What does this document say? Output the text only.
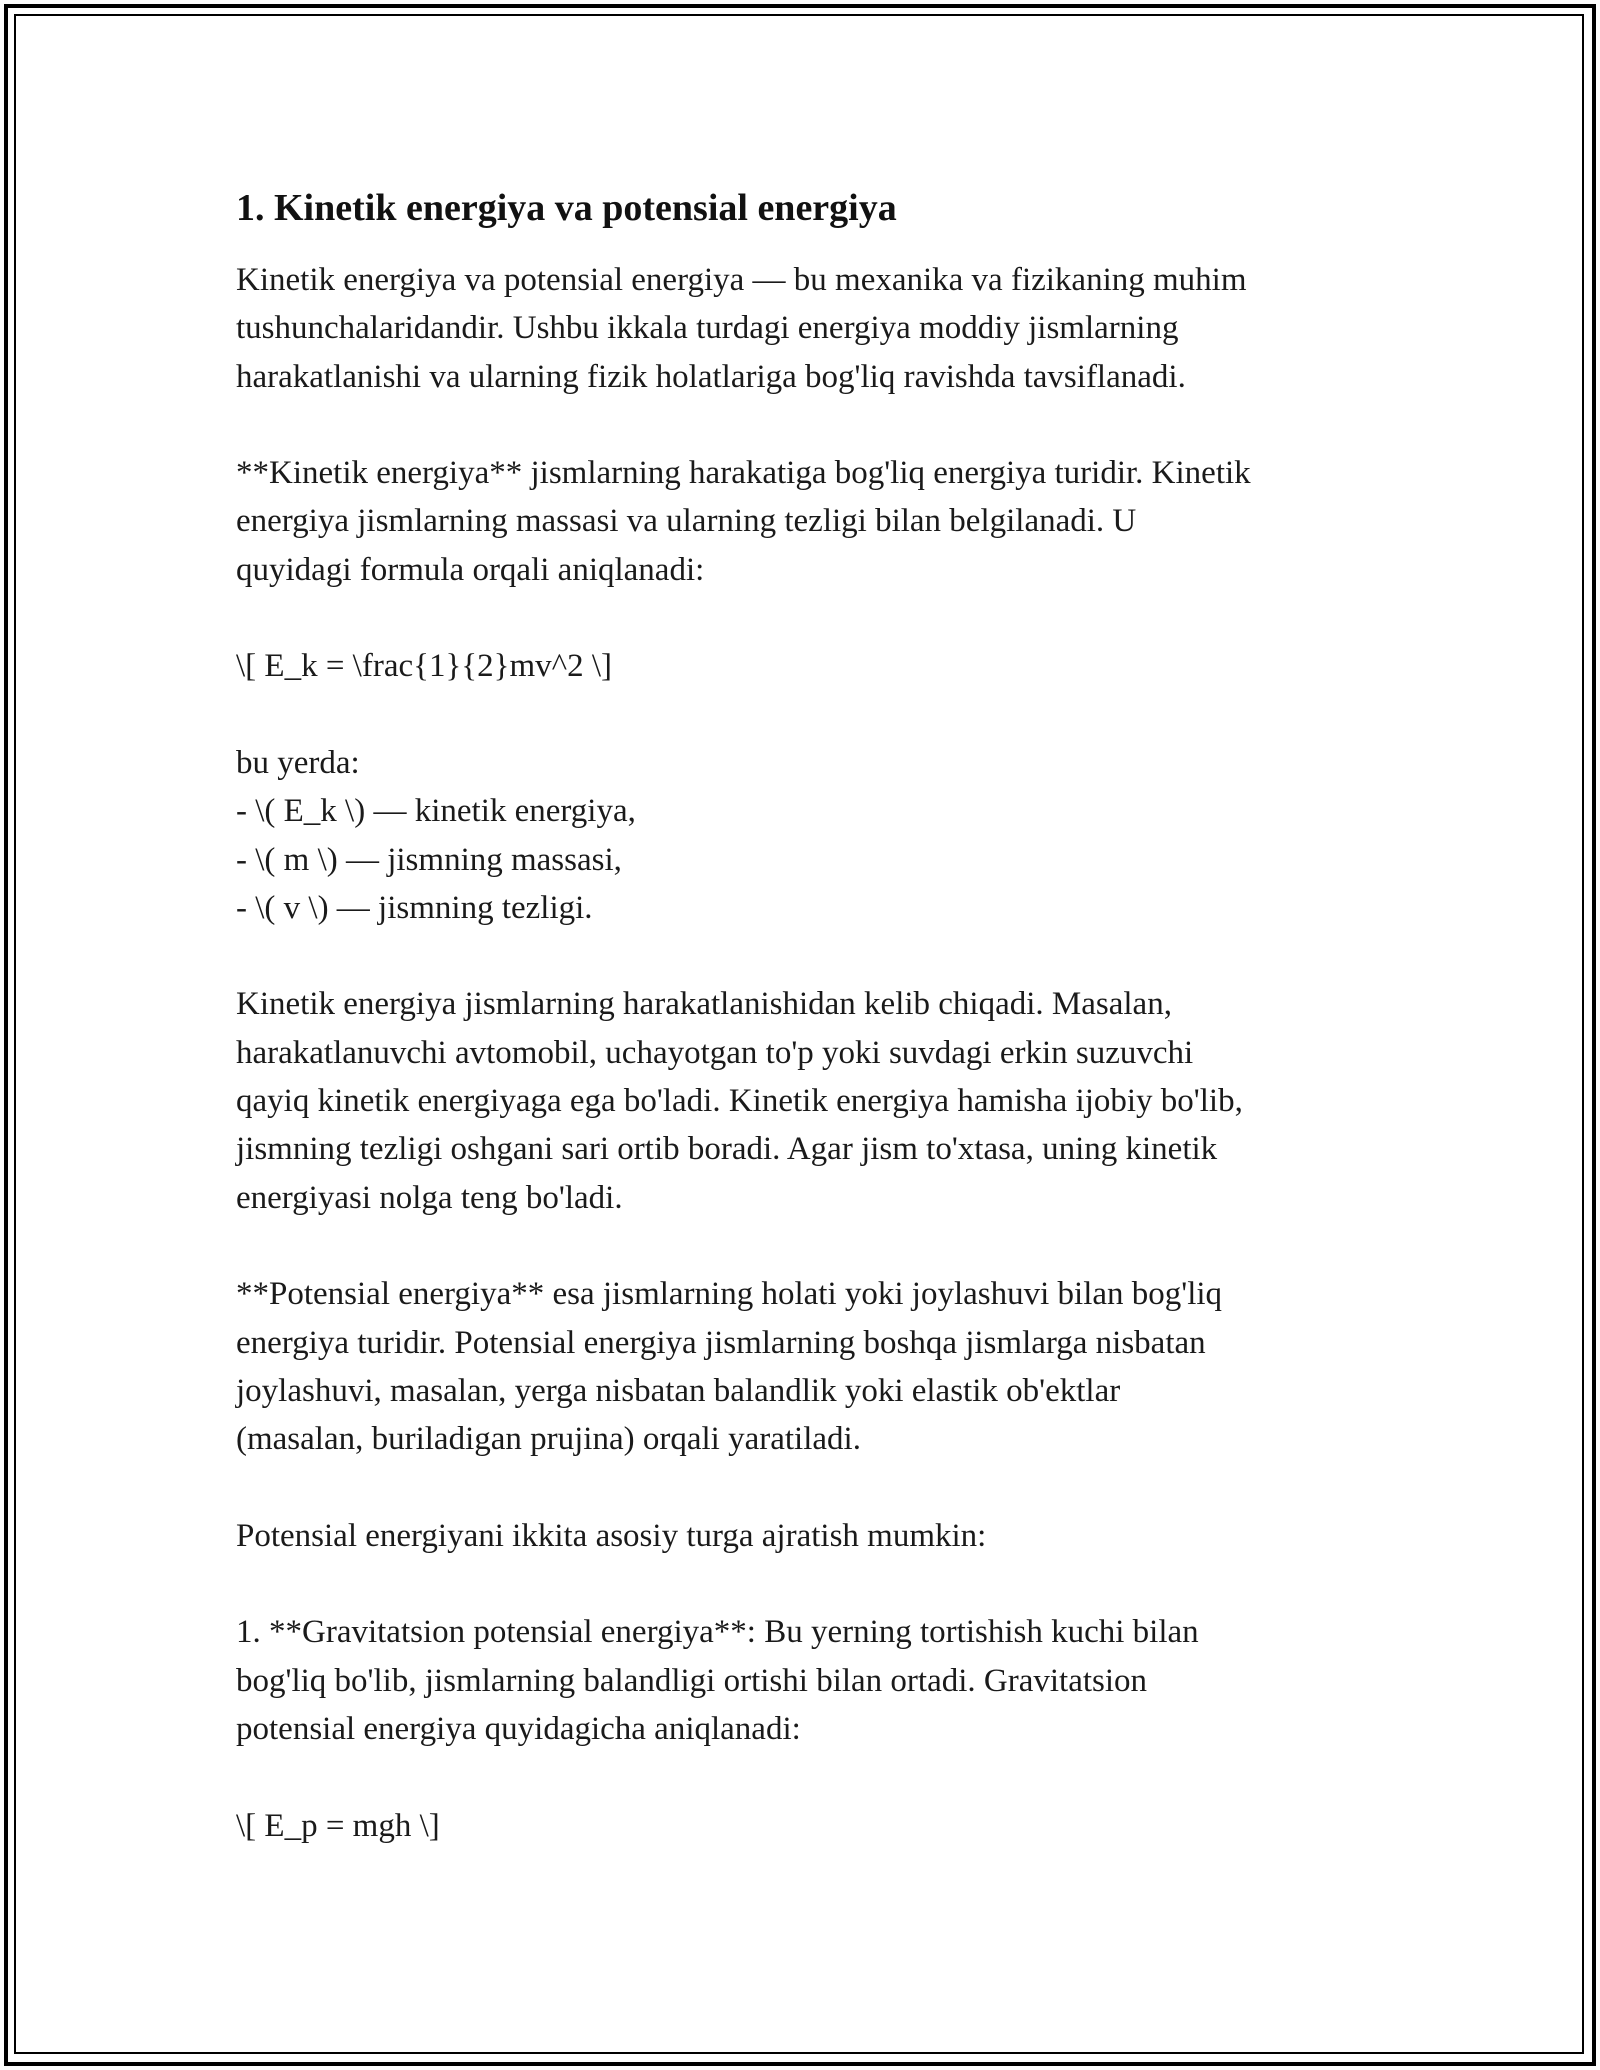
1. Kinetik energiya va potensial energiya
Kinetik energiya va potensial energiya — bu mexanika va fizikaning muhim
tushunchalaridandir. Ushbu ikkala turdagi energiya moddiy jismlarning
harakatlanishi va ularning fizik holatlariga bog'liq ravishda tavsiflanadi.
**Kinetik energiya** jismlarning harakatiga bog'liq energiya turidir. Kinetik
energiya jismlarning massasi va ularning tezligi bilan belgilanadi. U
quyidagi formula orqali aniqlanadi:
\[ E_k = \frac{1}{2}mv^2 \]
bu yerda:
- \( E_k \) — kinetik energiya,
- \( m \) — jismning massasi,
- \( v \) — jismning tezligi.
Kinetik energiya jismlarning harakatlanishidan kelib chiqadi. Masalan,
harakatlanuvchi avtomobil, uchayotgan to'p yoki suvdagi erkin suzuvchi
qayiq kinetik energiyaga ega bo'ladi. Kinetik energiya hamisha ijobiy bo'lib,
jismning tezligi oshgani sari ortib boradi. Agar jism to'xtasa, uning kinetik
energiyasi nolga teng bo'ladi.
**Potensial energiya** esa jismlarning holati yoki joylashuvi bilan bog'liq
energiya turidir. Potensial energiya jismlarning boshqa jismlarga nisbatan
joylashuvi, masalan, yerga nisbatan balandlik yoki elastik ob'ektlar
(masalan, buriladigan prujina) orqali yaratiladi.
Potensial energiyani ikkita asosiy turga ajratish mumkin:
1. **Gravitatsion potensial energiya**: Bu yerning tortishish kuchi bilan
bog'liq bo'lib, jismlarning balandligi ortishi bilan ortadi. Gravitatsion
potensial energiya quyidagicha aniqlanadi:
\[ E_p = mgh \]
